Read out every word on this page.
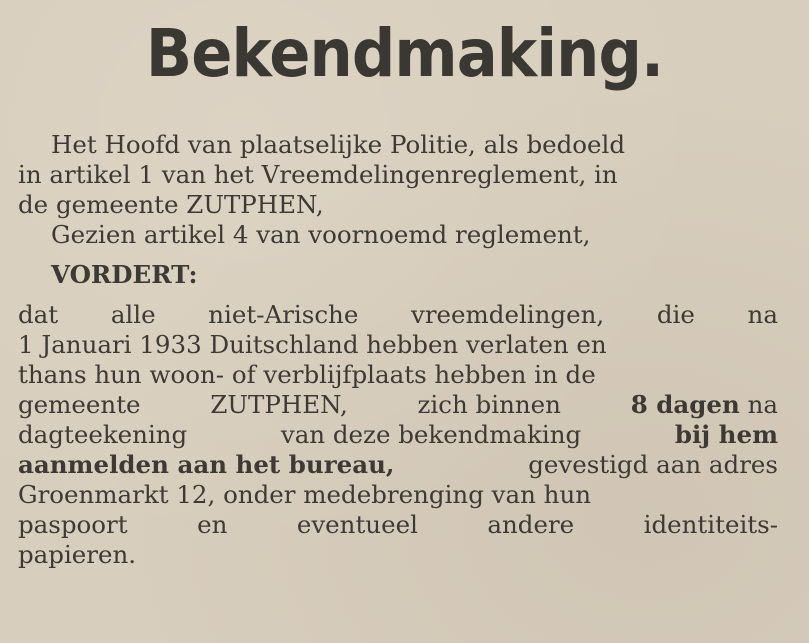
Bekendmaking.
Het Hoofd van plaatselijke Politie, als bedoeld
in artikel 1 van het Vreemdelingenreglement, in
de gemeente ZUTPHEN,
Gezien artikel 4 van voornoemd reglement,
VORDERT:
dat alle niet-Arische vreemdelingen, die na
1 Januari 1933 Duitschland hebben verlaten en
thans hun woon- of verblijfplaats hebben in de
gemeente	ZUTPHEN,	zich binnen	8 dagen na
dagteekening	van deze bekendmaking	bij hem
aanmelden aan het bureau,	gevestigd aan adres
Groenmarkt 12, onder medebrenging van hun
paspoort	en	eventueel	andere	identiteits-
papieren.
